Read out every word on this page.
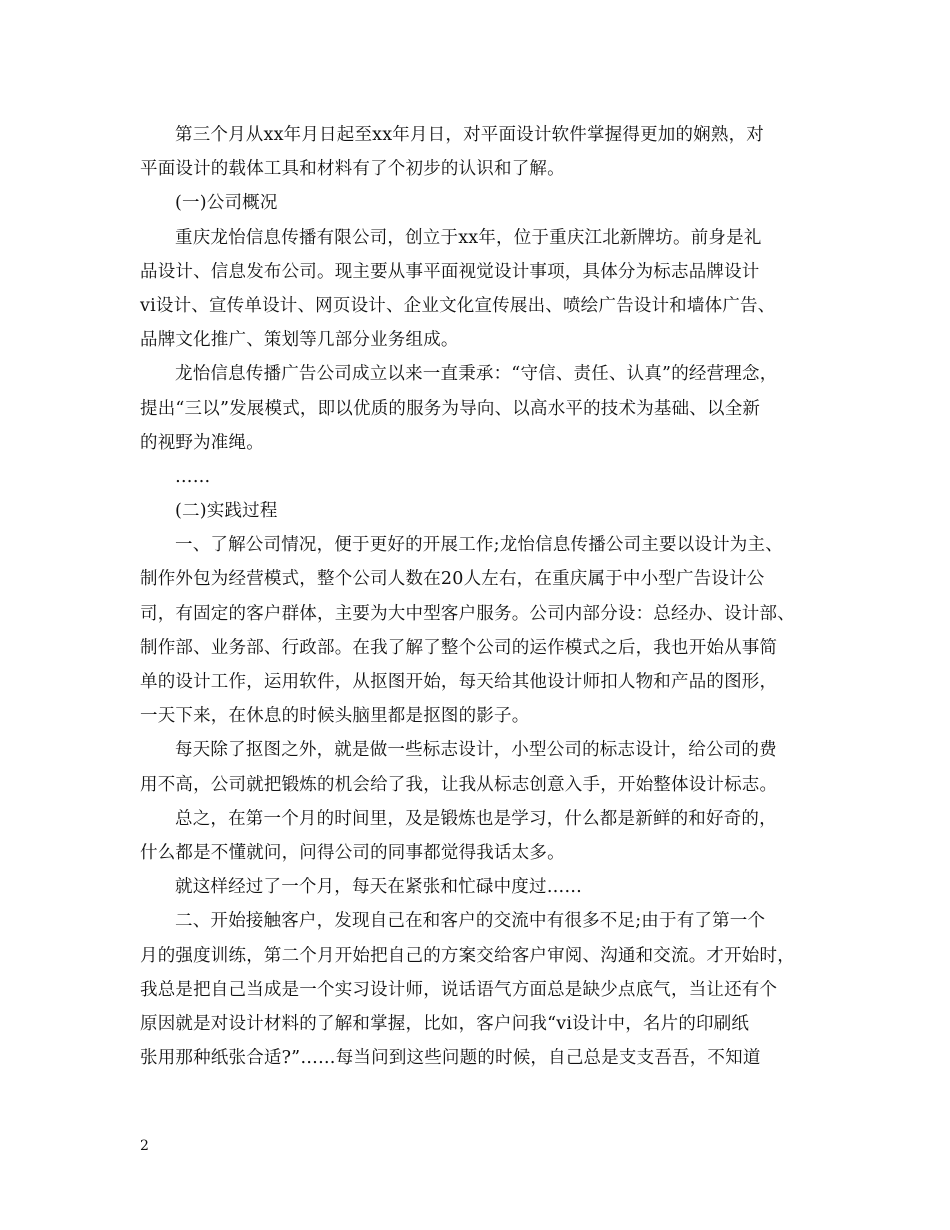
第三个月从xx年月日起至xx年月日，对平面设计软件掌握得更加的娴熟，对
平面设计的载体工具和材料有了个初步的认识和了解。
(一)公司概况
重庆龙怡信息传播有限公司，创立于xx年，位于重庆江北新牌坊。前身是礼
品设计、信息发布公司。现主要从事平面视觉设计事项，具体分为标志品牌设计
vi设计、宣传单设计、网页设计、企业文化宣传展出、喷绘广告设计和墙体广告、
品牌文化推广、策划等几部分业务组成。
龙怡信息传播广告公司成立以来一直秉承：“守信、责任、认真”的经营理念，
提出“三以”发展模式，即以优质的服务为导向、以高水平的技术为基础、以全新
的视野为准绳。
……
(二)实践过程
一、了解公司情况，便于更好的开展工作;龙怡信息传播公司主要以设计为主、
制作外包为经营模式，整个公司人数在20人左右，在重庆属于中小型广告设计公
司，有固定的客户群体，主要为大中型客户服务。公司内部分设：总经办、设计部、
制作部、业务部、行政部。在我了解了整个公司的运作模式之后，我也开始从事简
单的设计工作，运用软件，从抠图开始，每天给其他设计师扣人物和产品的图形，
一天下来，在休息的时候头脑里都是抠图的影子。
每天除了抠图之外，就是做一些标志设计，小型公司的标志设计，给公司的费
用不高，公司就把锻炼的机会给了我，让我从标志创意入手，开始整体设计标志。
总之，在第一个月的时间里，及是锻炼也是学习，什么都是新鲜的和好奇的，
什么都是不懂就问，问得公司的同事都觉得我话太多。
就这样经过了一个月，每天在紧张和忙碌中度过……
二、开始接触客户，发现自己在和客户的交流中有很多不足;由于有了第一个
月的强度训练，第二个月开始把自己的方案交给客户审阅、沟通和交流。才开始时，
我总是把自己当成是一个实习设计师，说话语气方面总是缺少点底气，当让还有个
原因就是对设计材料的了解和掌握，比如，客户问我“vi设计中，名片的印刷纸
张用那种纸张合适?”……每当问到这些问题的时候，自己总是支支吾吾，不知道
2
